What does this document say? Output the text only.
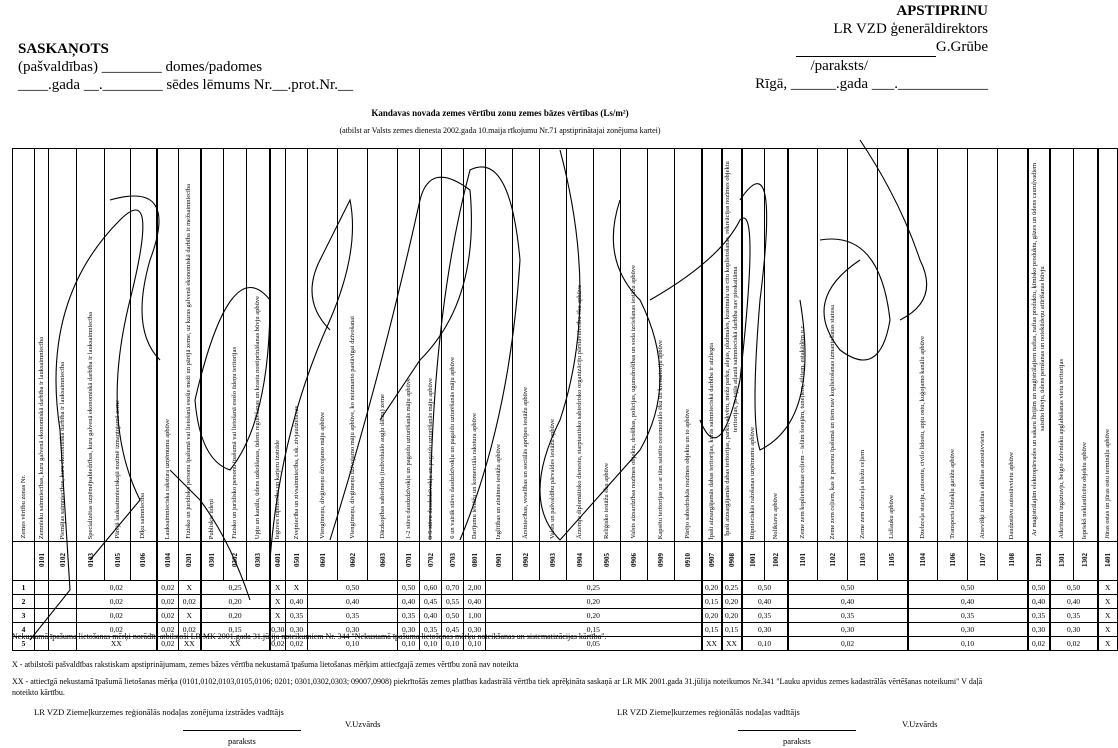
SASKAŅOTS
(pašvaldības) ________ domes/padomes
____.gada __.________ sēdes lēmums Nr.__.prot.Nr.__
APSTIPRINU
LR VZD ģenerāldirektors
G.Grūbe
/paraksts/
Rīgā, ______.gada ___.____________
Kandavas novada zemes vērtību zonu zemes bāzes vērtības (Ls/m²)
(atbilst ar Valsts zemes dienesta 2002.gada 10.maija rīkojumu Nr.71 apstiprinātajai zonējuma kartei)
Zemes vērtību zonas Nr.	Zemnieku saimniecības, kuru galvenā ekonomiskā darbība ir lauksaimniecība	Piemājas saimniecības, kuru ekonomiskā darbība ir lauksaimniecība	Specializētas uzņēmējsabiedrības, kuru galvenā ekonomiskā darbība ir lauksaimniecība	Pārējā lauksaimnieciskajā nozīmē izmantojamā zeme	Dīķu saimniecība	Lauksaimnieciska rakstura uzņēmumu apbūve	Fizisko un juridisko personu īpašumā vai lietošanā esošie meži un pārējā zeme, uz kuras galvenā ekonomiskā darbība ir mežsaimniecība	Publiskie ūdeņi	Fizisko un juridisko personu īpašumā vai lietošanā esošo ūdeņu teritorijas	Upju un kanālu, ūdens uzkrāšanas, ūdens regulēšanas un krastu nostiprināšanas būvju apbūve	Ieguves rūpniecība un karjeru izstrāde	Zvejniecība un zivsaimniecība, t.sk. zivjaudzētavas	Viengimeņu, divģimeņu dzīvojamo māju apbūve	Viengimeņu, divģimeņu dzīvojamo māju apbūve, ko neizmanto pastāvīgai dzīvošanai	Dārzkopības sabiedrību (individuālo augļu dārzu) zeme	1-2 stāvu daudzdzīvokļu un pagaidu uzturēšanās māju apbūve	3-5 stāvu daudzdzīvokļu un pagaidu uzturēšanās māju apbūve	6 un vairāk stāvu daudzdzīvokļu un pagaidu uzturēšanās māju apbūve	Darījumu iestāžu un komerciāla rakstura apbūve	Izglītības un zinātnes iestāžu apbūve	Ārstniecības, veselības un sociālās aprūpes iestāžu apbūve	Valsts un pašvaldību pārvaldes iestāžu apbūve	Ārzemju diplomātisko dienestu, starptautisko sabiedrisko organizāciju pārstāvniecību ēku apbūve	Reliģisko iestāžu ēku apbūve	Valsts aizsardzības nozīmes objektu, drošības, policijas, ugunsdrošības un soda izciešanas iestāžu apbūve	Kapsētu teritorijas un ar tām saistīto ceremoniālo ēku un krematoriju apbūve	Pārējo sabiedriskās nozīmes objektu un to apbūve	Īpaši aizsargājamās dabas teritorijas, kurās saimnieciskā darbība ir aizliegta	Īpaši aizsargājamās dabas teritorijas, parku, skvēru, meža parku, alejas, pludmales, krastmalu un citu koplietošanas, rekreācijas nozīmes objektu teritorijas, ja tajās atļautā saimnieciskā darbība nav pieskaitāma	Rūpnieciskās ražošanas uzņēmumu apbūve	Noliktavu apbūve	Zeme zem koplietošanas ceļiem – ielām šosejām, tuneļiem, tiltiem, estakādēm u.c.	Zeme zem ceļiem, kas ir personu īpašumā un tiem nav koplietošanas izmantošanas statusa	Zeme zem dzelzceļa sliežu ceļiem	Lidlauku apbūve	Dzelzceļa staciju, autoostu, civilo lidostu, upju ostu, kuģojamo kanālu apbūve	Transporta līdzekļu garāžu apbūve	Atsevišķi izdalītas atklātas autostāvvietas	Daudzstāvu autostāvvietu apbūve	Ar maģistrālajām elektropārvades un sakaru līnijām un maģistrālajiem naftas, naftas produktu, ķīmisko produktu, gāzes un ūdens cauruļvadiem saistīto būvju, ūdens pemšanas un notekūdeņu attīrīšanas būvju	Atkritumu izgāztuvju, beigto dzīvnieku apglabāšanas vietu teritorijas	Iepriekš neklasificētu objektu apbūve	Jūras ostas un jūras ostu termināļu apbūve
	0101	0102	0103	0105	0106	0104	0201	0301	0302	0303	0401	0501	0601	0602	0603	0701	0702	0703	0801	0901	0902	0903	0904	0905	0906	0909	0910	0907	0908	1001	1002	1101	1102	1103	1105	1104	1106	1107	1108	1201	1301	1302	1401
1			0,02			0,02	X	0,25			X	X	0,50			0,50	0,60	0,70	2,00	0,25								0,20	0,25	0,50		0,50				0,50				0,50	0,50		X
2			0,02			0,02	0,02	0,20			X	0,40	0,40			0,40	0,45	0,55	0,40	0,20								0,15	0,20	0,40		0,40				0,40				0,40	0,40		X
3			0,02			0,02	X	0,20			X	0,35	0,35			0,35	0,40	0,50	1,00	0,20								0,20	0,20	0,35		0,35				0,35				0,35	0,35		X
4			0,02			0,02	0,02	0,15			0,30	0,30	0,30			0,30	0,35	0,45	0,30	0,15								0,15	0,15	0,30		0,30				0,30				0,30	0,30		X
5			XX			0,02	XX	XX			0,02	0,02	0,10			0,10	0,10	0,10	0,10	0,05								XX	XX	0,10		0,02				0,10				0,02	0,02		X
Nekustamā īpašuma lietošanas mērķi norādīti atbilstoši LR MK 2001.gada 31.jūlija noteikumiem Nr. 344 "Nekustamā īpašuma lietošanas mērķu noteikšanas un sistematizācijas kārtība".
X - atbilstoši pašvaldības rakstiskam apstiprinājumam, zemes bāzes vērtība nekustamā īpašuma lietošanas mērķim attiecīgajā zemes vērtību zonā nav noteikta
XX - attiecīgā nekustamā īpašumā lietošanas mērķa (0101,0102,0103,0105,0106; 0201; 0301,0302,0303; 09007,0908) piekrītošās zemes platības kadastrālā vērtība tiek aprēķināta saskaņā ar LR MK 2001.gada 31.jūlija noteikumos Nr.341 "Lauku apvidus zemes kadastrālās vērtēšanas noteikumi" V daļā noteikto kārtību.
LR VZD Ziemeļkurzemes reģionālās nodaļas zonējuma izstrādes vadītājs
V.Uzvārds
paraksts
LR VZD Ziemeļkurzemes reģionālās nodaļas vadītājs
V.Uzvārds
paraksts
